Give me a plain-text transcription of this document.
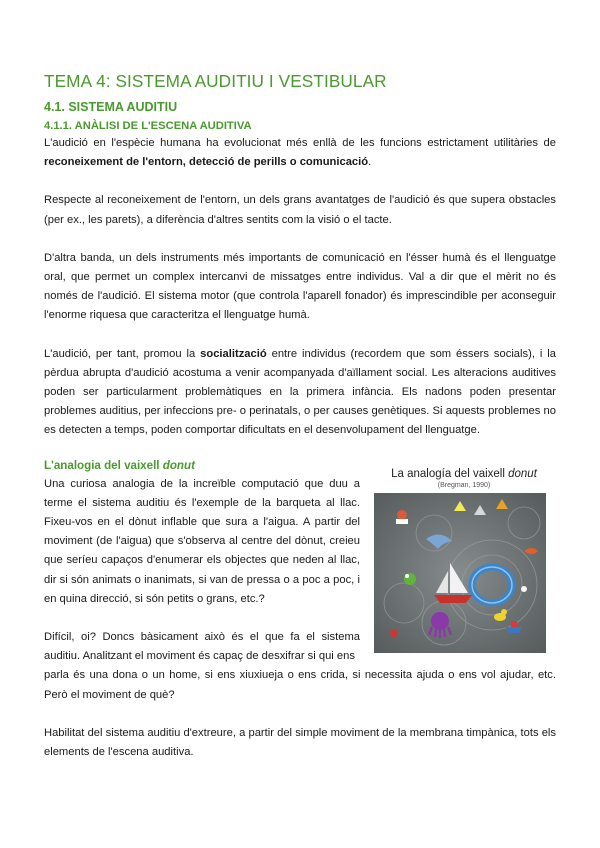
TEMA 4: SISTEMA AUDITIU I VESTIBULAR
4.1. SISTEMA AUDITIU
4.1.1. ANÀLISI DE L'ESCENA AUDITIVA

L'audició en l'espècie humana ha evolucionat més enllà de les funcions estrictament utilitàries de reconeixement de l'entorn, detecció de perills o comunicació.

Respecte al reconeixement de l'entorn, un dels grans avantatges de l'audició és que supera obstacles (per ex., les parets), a diferència d'altres sentits com la visió o el tacte.

D'altra banda, un dels instruments més importants de comunicació en l'ésser humà és el llenguatge oral, que permet un complex intercanvi de missatges entre individus. Val a dir que el mèrit no és només de l'audició. El sistema motor (que controla l'aparell fonador) és imprescindible per aconseguir l'enorme riquesa que caracteritza el llenguatge humà.

L'audició, per tant, promou la socialització entre individus (recordem que som éssers socials), i la pèrdua abrupta d'audició acostuma a venir acompanyada d'aïllament social. Les alteracions auditives poden ser particularment problemàtiques en la primera infància. Els nadons poden presentar problemes auditius, per infeccions pre- o perinatals, o per causes genètiques. Si aquests problemes no es detecten a temps, poden comportar dificultats en el desenvolupament del llenguatge.

L'analogia del vaixell donut

Una curiosa analogia de la increïble computació que duu a terme el sistema auditiu és l'exemple de la barqueta al llac. Fixeu-vos en el dònut inflable que sura a l'aigua. A partir del moviment (de l'aigua) que s'observa al centre del dònut, creieu que seríeu capaços d'enumerar els objectes que neden al llac, dir si són animats o inanimats, si van de pressa o a poc a poc, i en quina direcció, si són petits o grans, etc.?

Difícil, oi? Doncs bàsicament això és el que fa el sistema auditiu. Analitzant el moviment és capaç de desxifrar si qui ens

La analogía del vaixell donut
(Bregman, 1990)

parla és una dona o un home, si ens xiuxiueja o ens crida, si necessita ajuda o ens vol ajudar, etc. Però el moviment de què?

Habilitat del sistema auditiu d'extreure, a partir del simple moviment de la membrana timpànica, tots els elements de l'escena auditiva.
